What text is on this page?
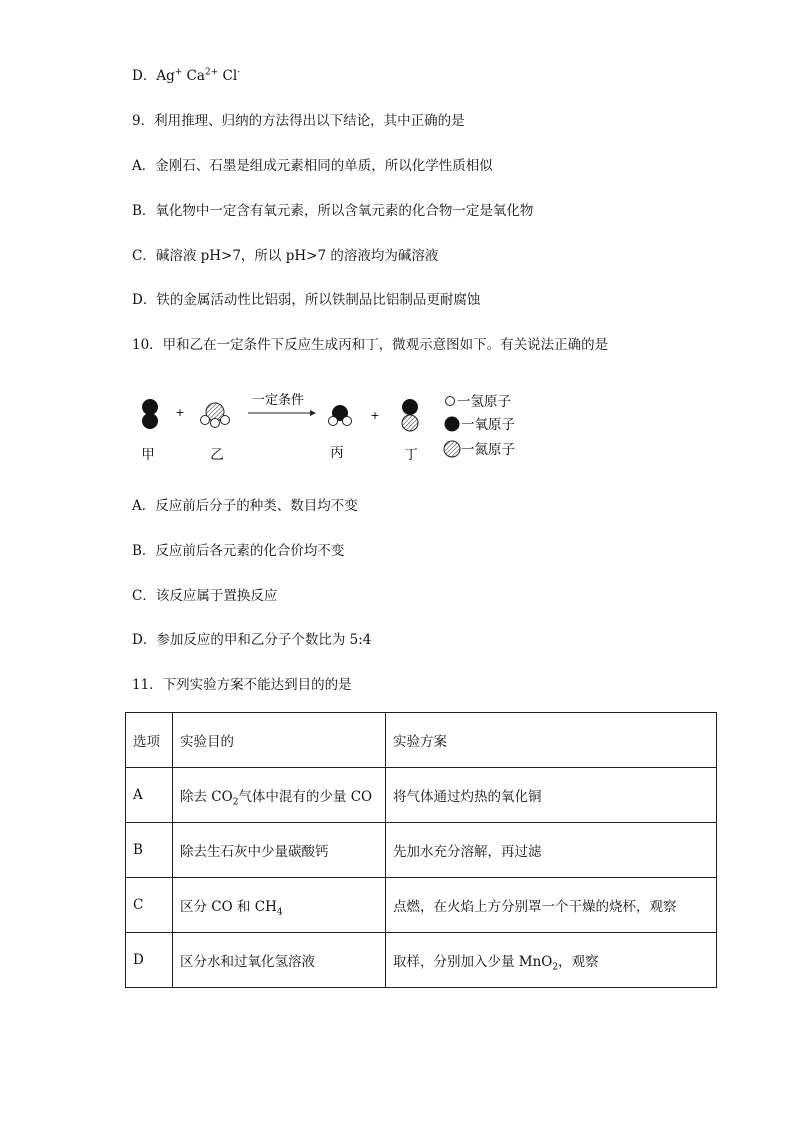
D．Ag+ $Ca^{2+}$ Cl-
9．利用推理、归纳的方法得出以下结论，其中正确的是
A．金刚石、石墨是组成元素相同的单质，所以化学性质相似
B．氧化物中一定含有氧元素，所以含氧元素的化合物一定是氧化物
C．碱溶液 pH>7，所以 pH>7 的溶液均为碱溶液
D．铁的金属活动性比铝弱，所以铁制品比铝制品更耐腐蚀
10．甲和乙在一定条件下反应生成丙和丁，微观示意图如下。有关说法正确的是
+
一定条件
+
一氢原子
一氧原子
一氮原子
甲	乙	丙	丁
A．反应前后分子的种类、数目均不变
B．反应前后各元素的化合价均不变
C．该反应属于置换反应
D．参加反应的甲和乙分子个数比为 5:4
11．下列实验方案不能达到目的的是
选项	实验目的	实验方案
A	除去 $CO_2$气体中混有的少量 CO	将气体通过灼热的氧化铜
B	除去生石灰中少量碳酸钙	先加水充分溶解，再过滤
C	区分 CO 和 $CH_4$	点燃，在火焰上方分别罩一个干燥的烧杯，观察
D	区分水和过氧化氢溶液	取样，分别加入少量 MnO$_2$，观察
